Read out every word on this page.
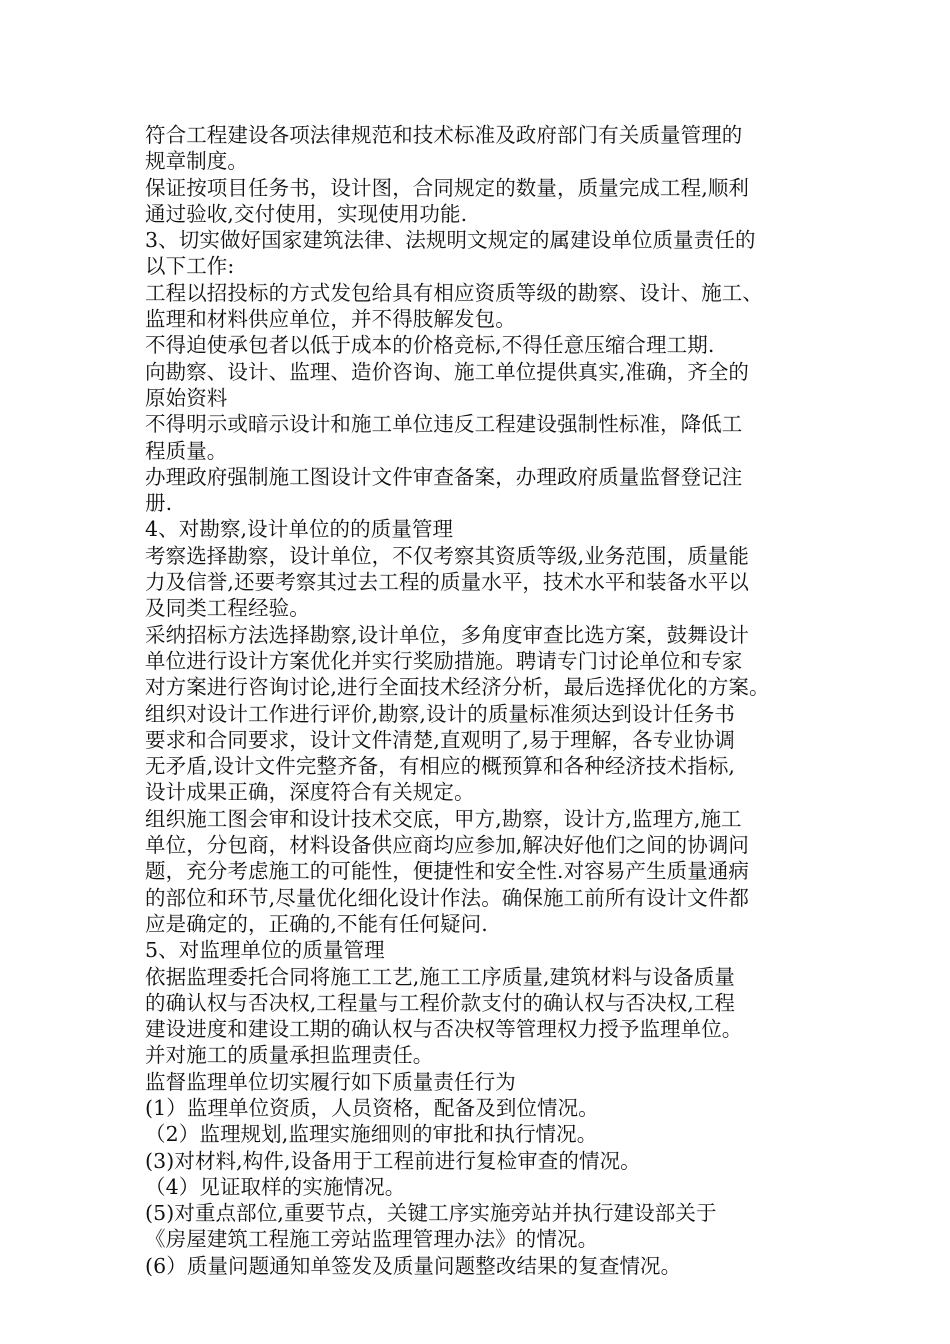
符合工程建设各项法律规范和技术标准及政府部门有关质量管理的
规章制度。
保证按项目任务书，设计图，合同规定的数量，质量完成工程,顺利
通过验收,交付使用，实现使用功能.
3、切实做好国家建筑法律、法规明文规定的属建设单位质量责任的
以下工作:
工程以招投标的方式发包给具有相应资质等级的勘察、设计、施工、
监理和材料供应单位，并不得肢解发包。
不得迫使承包者以低于成本的价格竞标,不得任意压缩合理工期.
向勘察、设计、监理、造价咨询、施工单位提供真实,准确，齐全的
原始资料
不得明示或暗示设计和施工单位违反工程建设强制性标准，降低工
程质量。
办理政府强制施工图设计文件审查备案，办理政府质量监督登记注
册.
4、对勘察,设计单位的的质量管理
考察选择勘察，设计单位，不仅考察其资质等级,业务范围，质量能
力及信誉,还要考察其过去工程的质量水平，技术水平和装备水平以
及同类工程经验。
采纳招标方法选择勘察,设计单位，多角度审查比选方案，鼓舞设计
单位进行设计方案优化并实行奖励措施。聘请专门讨论单位和专家
对方案进行咨询讨论,进行全面技术经济分析，最后选择优化的方案。
组织对设计工作进行评价,勘察,设计的质量标准须达到设计任务书
要求和合同要求，设计文件清楚,直观明了,易于理解，各专业协调
无矛盾,设计文件完整齐备，有相应的概预算和各种经济技术指标,
设计成果正确，深度符合有关规定。
组织施工图会审和设计技术交底，甲方,勘察，设计方,监理方,施工
单位，分包商，材料设备供应商均应参加,解决好他们之间的协调问
题，充分考虑施工的可能性，便捷性和安全性.对容易产生质量通病
的部位和环节,尽量优化细化设计作法。确保施工前所有设计文件都
应是确定的，正确的,不能有任何疑问.
5、对监理单位的质量管理
依据监理委托合同将施工工艺,施工工序质量,建筑材料与设备质量
的确认权与否决权,工程量与工程价款支付的确认权与否决权,工程
建设进度和建设工期的确认权与否决权等管理权力授予监理单位。
并对施工的质量承担监理责任。
监督监理单位切实履行如下质量责任行为
(1）监理单位资质，人员资格，配备及到位情况。
（2）监理规划,监理实施细则的审批和执行情况。
(3)对材料,构件,设备用于工程前进行复检审查的情况。
（4）见证取样的实施情况。
(5)对重点部位,重要节点，关键工序实施旁站并执行建设部关于
《房屋建筑工程施工旁站监理管理办法》的情况。
(6）质量问题通知单签发及质量问题整改结果的复查情况。
